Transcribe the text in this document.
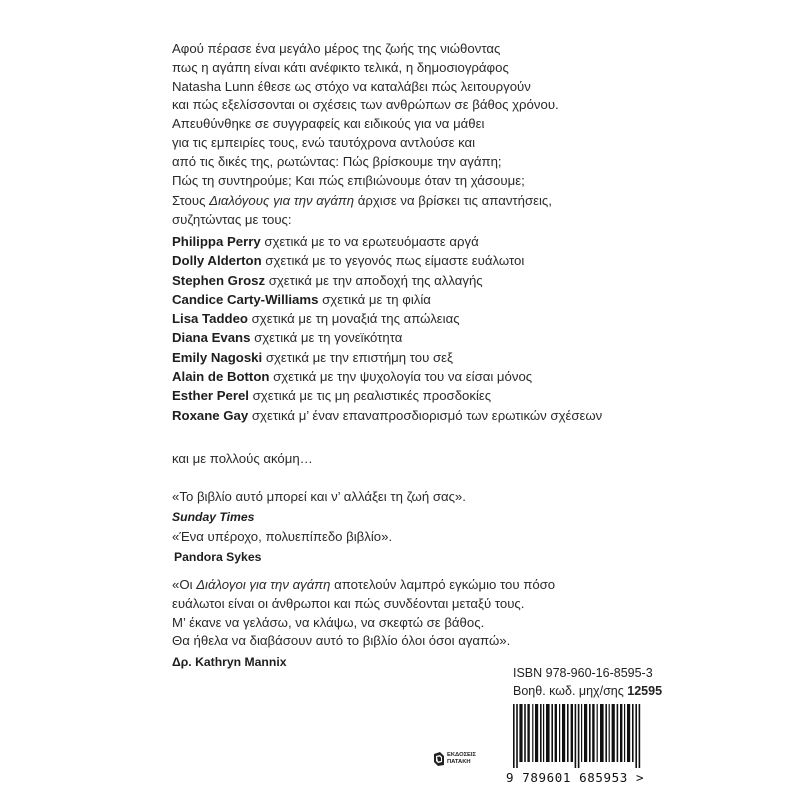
Αφού πέρασε ένα μεγάλο μέρος της ζωής της νιώθοντας
πως η αγάπη είναι κάτι ανέφικτο τελικά, η δημοσιογράφος
Natasha Lunn έθεσε ως στόχο να καταλάβει πώς λειτουργούν
και πώς εξελίσσονται οι σχέσεις των ανθρώπων σε βάθος χρόνου.
Απευθύνθηκε σε συγγραφείς και ειδικούς για να μάθει
για τις εμπειρίες τους, ενώ ταυτόχρονα αντλούσε και
από τις δικές της, ρωτώντας: Πώς βρίσκουμε την αγάπη;
Πώς τη συντηρούμε; Και πώς επιβιώνουμε όταν τη χάσουμε;
Στους Διαλόγους για την αγάπη άρχισε να βρίσκει τις απαντήσεις,
συζητώντας με τους:
Philippa Perry σχετικά με το να ερωτευόμαστε αργά
Dolly Alderton σχετικά με το γεγονός πως είμαστε ευάλωτοι
Stephen Grosz σχετικά με την αποδοχή της αλλαγής
Candice Carty-Williams σχετικά με τη φιλία
Lisa Taddeo σχετικά με τη μοναξιά της απώλειας
Diana Evans σχετικά με τη γονεϊκότητα
Emily Nagoski σχετικά με την επιστήμη του σεξ
Alain de Botton σχετικά με την ψυχολογία του να είσαι μόνος
Esther Perel σχετικά με τις μη ρεαλιστικές προσδοκίες
Roxane Gay σχετικά μ’ έναν επαναπροσδιορισμό των ερωτικών σχέσεων
και με πολλούς ακόμη…
«Το βιβλίο αυτό μπορεί και ν’ αλλάξει τη ζωή σας».
Sunday Times
«Ένα υπέροχο, πολυεπίπεδο βιβλίο».
Pandora Sykes
«Οι Διάλογοι για την αγάπη αποτελούν λαμπρό εγκώμιο του πόσο
ευάλωτοι είναι οι άνθρωποι και πώς συνδέονται μεταξύ τους.
Μ’ έκανε να γελάσω, να κλάψω, να σκεφτώ σε βάθος.
Θα ήθελα να διαβάσουν αυτό το βιβλίο όλοι όσοι αγαπώ».
Δρ. Kathryn Mannix
ISBN 978-960-16-8595-3
Βοηθ. κωδ. μηχ/σης 12595
9 789601 685953 >
ΕΚΔΟΣΕΙΣ
ΠΑΤΑΚΗ
